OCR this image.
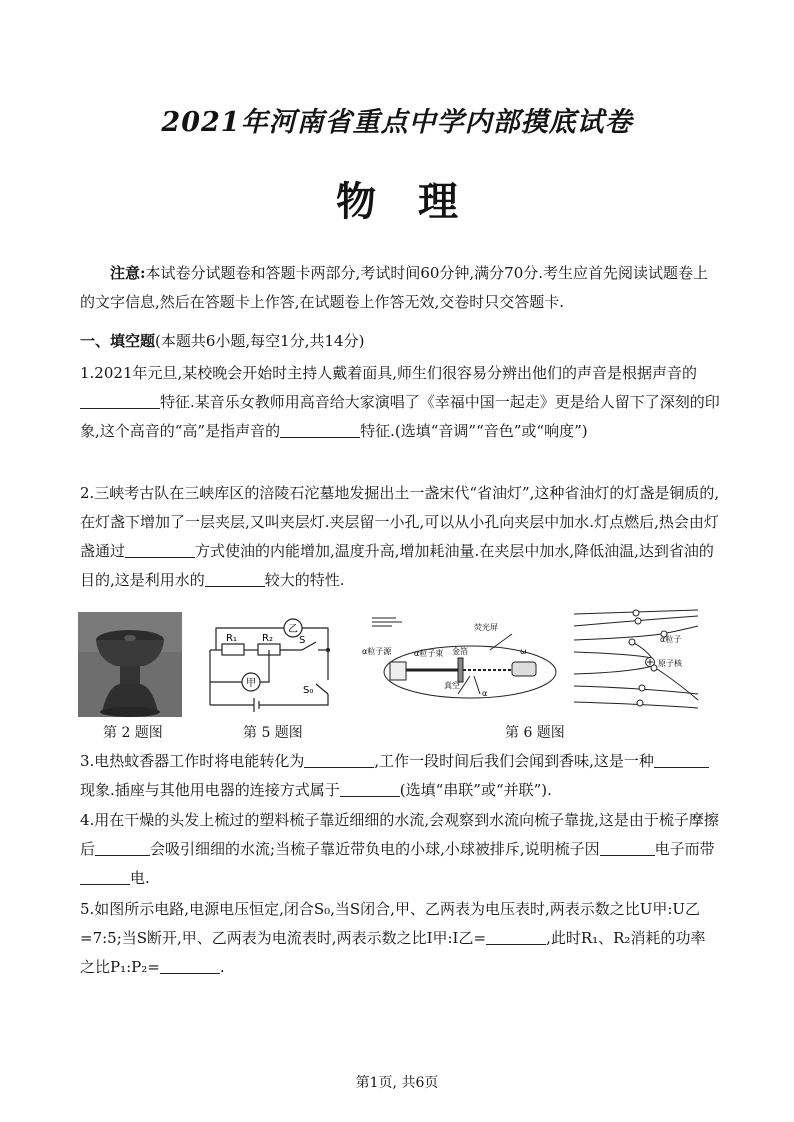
2021年河南省重点中学内部摸底试卷
物理
注意:本试卷分试题卷和答题卡两部分,考试时间60分钟,满分70分.考生应首先阅读试题卷上的文字信息,然后在答题卡上作答,在试题卷上作答无效,交卷时只交答题卡.
一、填空题(本题共6小题,每空1分,共14分)
1.2021年元旦,某校晚会开始时主持人戴着面具,师生们很容易分辨出他们的声音是根据声音的特征.某音乐女教师用高音给大家演唱了《幸福中国一起走》更是给人留下了深刻的印象,这个高音的“高”是指声音的	特征.(选填“音调”“音色”或“响度”)
2.三峡考古队在三峡库区的涪陵石沱墓地发掘出土一盏宋代“省油灯”,这种省油灯的灯盏是铜质的,在灯盏下增加了一层夹层,又叫夹层灯.夹层留一小孔,可以从小孔向夹层中加水.灯点燃后,热会由灯盏通过	方式使油的内能增加,温度升高,增加耗油量.在夹层中加水,降低油温,达到省油的目的,这是利用水的	较大的特性.
第 2 题图
R₁	R₂	S
S₀
乙
甲
第 5 题图
α粒子源
荧光屏
α粒子束 金箔
真空
α
ω
α粒子
原子核
第 6 题图
3.电热蚊香器工作时将电能转化为	,工作一段时间后我们会闻到香味,这是一种现象.插座与其他用电器的连接方式属于	(选填“串联”或“并联”).
4.用在干燥的头发上梳过的塑料梳子靠近细细的水流,会观察到水流向梳子靠拢,这是由于梳子摩擦后	会吸引细细的水流;当梳子靠近带负电的小球,小球被排斥,说明梳子因	电子而带电.
5.如图所示电路,电源电压恒定,闭合S₀,当S闭合,甲、乙两表为电压表时,两表示数之比U甲:U乙=7:5;当S断开,甲、乙两表为电流表时,两表示数之比I甲:I乙=	,此时R₁、R₂消耗的功率之比P₁:P₂=	.
第1页, 共6页
